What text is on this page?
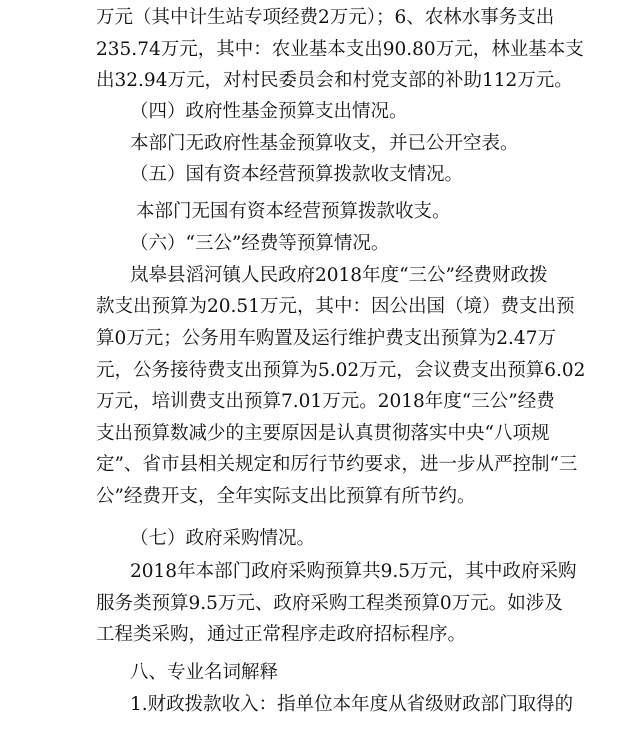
万元（其中计生站专项经费2万元）；6、农林水事务支出
235.74万元，其中：农业基本支出90.80万元，林业基本支
出32.94万元，对村民委员会和村党支部的补助112万元。
（四）政府性基金预算支出情况。
本部门无政府性基金预算收支，并已公开空表。
（五）国有资本经营预算拨款收支情况。
本部门无国有资本经营预算拨款收支。
（六）“三公”经费等预算情况。
岚皋县滔河镇人民政府2018年度“三公”经费财政拨
款支出预算为20.51万元，其中：因公出国（境）费支出预
算0万元；公务用车购置及运行维护费支出预算为2.47万
元，公务接待费支出预算为5.02万元，会议费支出预算6.02
万元，培训费支出预算7.01万元。2018年度“三公”经费
支出预算数减少的主要原因是认真贯彻落实中央“八项规
定”、省市县相关规定和厉行节约要求，进一步从严控制“三
公”经费开支，全年实际支出比预算有所节约。
（七）政府采购情况。
2018年本部门政府采购预算共9.5万元，其中政府采购
服务类预算9.5万元、政府采购工程类预算0万元。如涉及
工程类采购，通过正常程序走政府招标程序。
八、专业名词解释
1.财政拨款收入：指单位本年度从省级财政部门取得的
